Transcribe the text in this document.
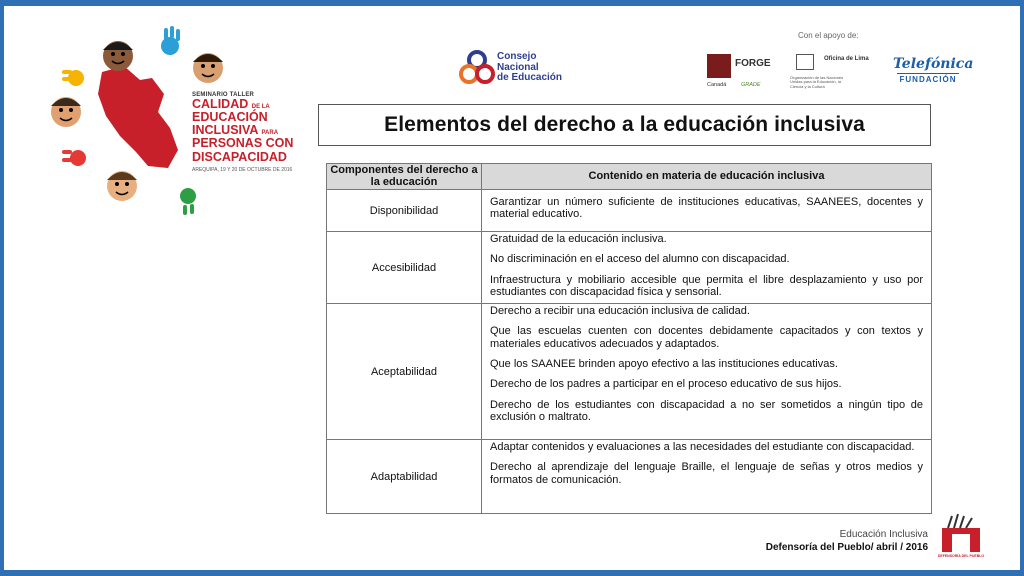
SEMINARIO TALLER
CALIDAD DE LA
EDUCACIÓN
INCLUSIVA PARA
PERSONAS CON
DISCAPACIDAD
AREQUIPA, 19 Y 20 DE OCTUBRE DE 2016
Consejo
Nacional
de Educación
Con el apoyo de:
FORGE
Canadá	GRADE
Oficina de Lima
Organización de las Naciones Unidas para la Educación, la Ciencia y la Cultura
Telefónica
FUNDACIÓN
Elementos del derecho a la educación inclusiva
Componentes del derecho a la educación	Contenido en materia de educación inclusiva
Disponibilidad	Garantizar un número suficiente de instituciones educativas, SAANEES, docentes y material educativo.

Accesibilidad	Gratuidad de la educación inclusiva.

No discriminación en el acceso del alumno con discapacidad.

Infraestructura y mobiliario accesible que permita el libre desplazamiento y uso por estudiantes con discapacidad física y sensorial.

Aceptabilidad	Derecho a recibir una educación inclusiva de calidad.

Que las escuelas cuenten con docentes debidamente capacitados y con textos y materiales educativos adecuados y adaptados.

Que los SAANEE brinden apoyo efectivo a las instituciones educativas.

Derecho de los padres a participar en el proceso educativo de sus hijos.

Derecho de los estudiantes con discapacidad a no ser sometidos a ningún tipo de exclusión o maltrato.

Adaptabilidad	Adaptar contenidos y evaluaciones a las necesidades del estudiante con discapacidad.

Derecho al aprendizaje del lenguaje Braille, el lenguaje de señas y otros medios y formatos de comunicación.

Educación Inclusiva
Defensoría del Pueblo/ abril / 2016
DEFENSORÍA DEL PUEBLO
